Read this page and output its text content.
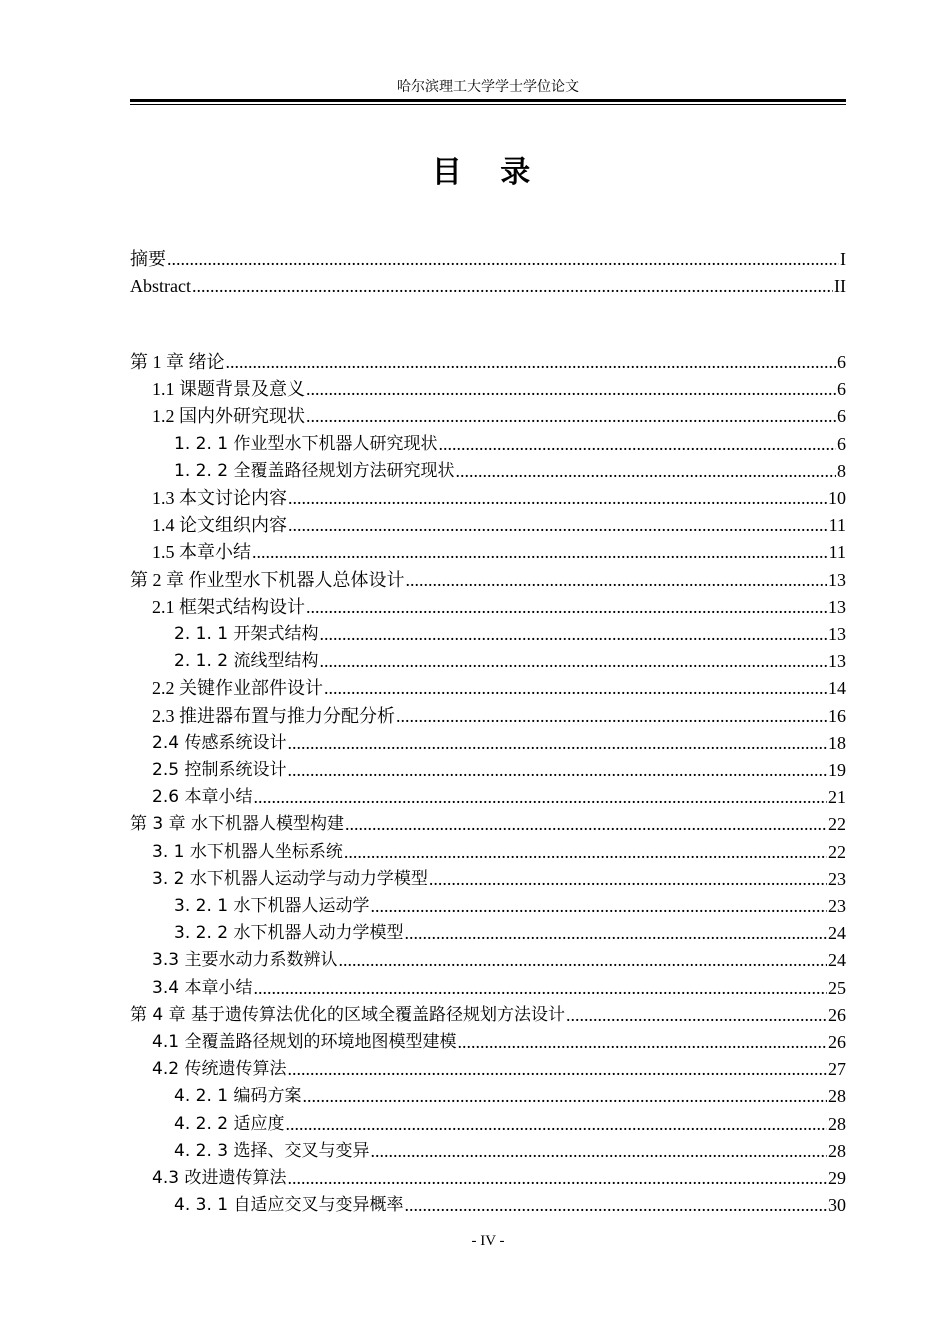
哈尔滨理工大学学士学位论文
目 录
摘要 .....	I
Abstract .....	II
第 1 章 绪论 .....	6
1.1 课题背景及意义 .....	6
1.2 国内外研究现状 .....	6
1. 2. 1 作业型水下机器人研究现状 .....	6
1. 2. 2 全覆盖路径规划方法研究现状 .....	8
1.3 本文讨论内容 .....	10
1.4 论文组织内容 .....	11
1.5 本章小结 .....	11
第 2 章 作业型水下机器人总体设计 .....	13
2.1 框架式结构设计 .....	13
2. 1. 1 开架式结构 .....	13
2. 1. 2 流线型结构 .....	13
2.2 关键作业部件设计 .....	14
2.3 推进器布置与推力分配分析 .....	16
2.4 传感系统设计 .....	18
2.5 控制系统设计 .....	19
2.6 本章小结 .....	21
第 3 章 水下机器人模型构建 .....	22
3. 1 水下机器人坐标系统 .....	22
3. 2 水下机器人运动学与动力学模型 .....	23
3. 2. 1 水下机器人运动学 .....	23
3. 2. 2 水下机器人动力学模型 .....	24
3.3 主要水动力系数辨认 .....	24
3.4 本章小结 .....	25
第 4 章 基于遗传算法优化的区域全覆盖路径规划方法设计 .....	26
4.1 全覆盖路径规划的环境地图模型建模 .....	26
4.2 传统遗传算法 .....	27
4. 2. 1 编码方案 .....	28
4. 2. 2 适应度 .....	28
4. 2. 3 选择、交叉与变异 .....	28
4.3 改进遗传算法 .....	29
4. 3. 1 自适应交叉与变异概率 .....	30
- IV -
